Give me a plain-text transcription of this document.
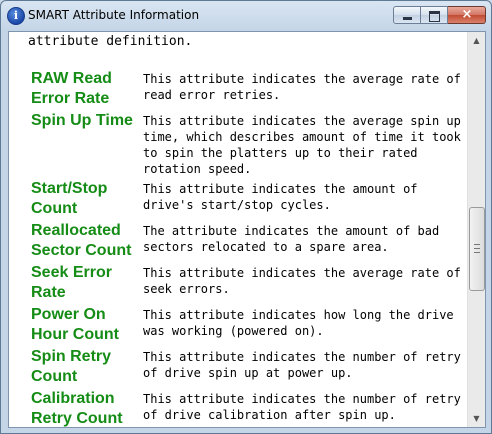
i SMART Attribute Information	×
attribute definition.
RAW Read Error Rate
This attribute indicates the average rate of read error retries.
Spin Up Time This attribute indicates the average spin up time, which describes amount of time it took to spin the platters up to their rated rotation speed.
Start/Stop Count
This attribute indicates the amount of drive's start/stop cycles.
Reallocated Sector Count
The attribute indicates the amount of bad sectors relocated to a spare area.
Seek Error Rate
This attribute indicates the average rate of seek errors.
Power On Hour Count
This attribute indicates how long the drive was working (powered on).
Spin Retry Count
This attribute indicates the number of retry of drive spin up at power up.
Calibration Retry Count
This attribute indicates the number of retry of drive calibration after spin up.
▲
▼
